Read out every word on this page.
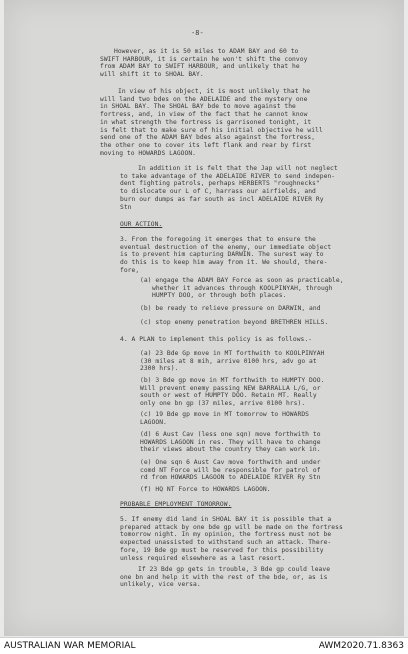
-8-
However, as it is 50 miles to ADAM BAY and 60 to
SWIFT HARBOUR, it is certain he won't shift the convoy
from ADAM BAY to SWIFT HARBOUR, and unlikely that he
will shift it to SHOAL BAY.
In view of his object, it is most unlikely that he
will land two bdes on the ADELAIDE and the mystery one
in SHOAL BAY. The SHOAL BAY bde to move against the
fortress, and, in view of the fact that he cannot know
in what strength the fortress is garrisoned tonight, it
is felt that to make sure of his initial objective he will
send one of the ADAM BAY bdes also against the fortress,
the other one to cover its left flank and rear by first
moving to HOWARDS LAGOON.
In addition it is felt that the Jap will not neglect
to take advantage of the ADELAIDE RIVER to send indepen-
dent fighting patrols, perhaps HERBERTS "roughnecks"
to dislocate our L of C, harrass our airfields, and
burn our dumps as far south as incl ADELAIDE RIVER Ry
Stn
OUR ACTION.
3. From the foregoing it emerges that to ensure the
eventual destruction of the enemy, our immediate object
is to prevent him capturing DARWIN. The surest way to
do this is to keep him away from it. We should, there-
fore,
(a) engage the ADAM BAY Force as soon as practicable,
whether it advances through KOOLPINYAH, through
HUMPTY DOO, or through both places.
(b) be ready to relieve pressure on DARWIN, and
(c) stop enemy penetration beyond BRETHREN HILLS.
4. A PLAN to implement this policy is as follows.-
(a) 23 Bde Gp move in MT forthwith to KOOLPINYAH
(30 miles at 8 mih, arrive 0100 hrs, adv go at
2300 hrs).
(b) 3 Bde gp move in MT forthwith to HUMPTY DOO.
Will prevent enemy passing NEW BARRALLA L/G, or
south or west of HUMPTY DOO. Retain MT. Really
only one bn gp (37 miles, arrive 0100 hrs).
(c) 19 Bde gp move in MT tomorrow to HOWARDS
LAGOON.
(d) 6 Aust Cav (less one sqn) move forthwith to
HOWARDS LAGOON in res. They will have to change
their views about the country they can work in.
(e) One sqn 6 Aust Cav move forthwith and under
comd NT Force will be responsible for patrol of
rd from HOWARDS LAGOON to ADELAIDE RIVER Ry Stn
(f) HQ NT Force to HOWARDS LAGOON.
PROBABLE EMPLOYMENT TOMORROW.
5. If enemy did land in SHOAL BAY it is possible that a
prepared attack by one bde gp will be made on the fortress
tomorrow night. In my opinion, the fortress must not be
expected unassisted to withstand such an attack. There-
fore, 19 Bde gp must be reserved for this possibility
unless required elsewhere as a last resort.
If 23 Bde gp gets in trouble, 3 Bde gp could leave
one bn and help it with the rest of the bde, or, as is
unlikely, vice versa.
AUSTRALIAN WAR MEMORIAL	AWM2020.71.8363
